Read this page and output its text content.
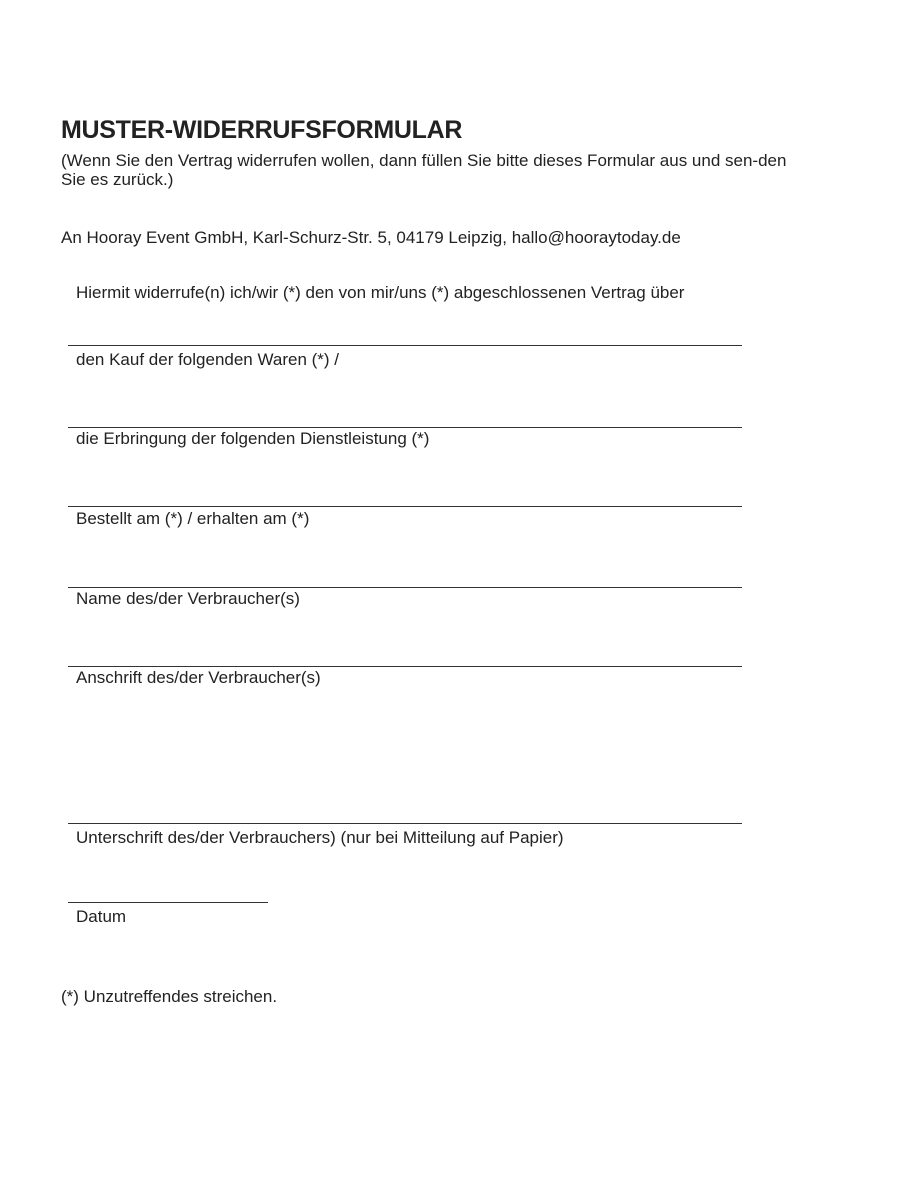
MUSTER-WIDERRUFSFORMULAR
(Wenn Sie den Vertrag widerrufen wollen, dann füllen Sie bitte dieses Formular aus und sen-den Sie es zurück.)
An Hooray Event GmbH, Karl-Schurz-Str. 5, 04179 Leipzig, hallo@hooraytoday.de
Hiermit widerrufe(n) ich/wir (*) den von mir/uns (*) abgeschlossenen Vertrag über
den Kauf der folgenden Waren (*) /
die Erbringung der folgenden Dienstleistung (*)
Bestellt am (*) / erhalten am (*)
Name des/der Verbraucher(s)
Anschrift des/der Verbraucher(s)
Unterschrift des/der Verbrauchers) (nur bei Mitteilung auf Papier)
Datum
(*) Unzutreffendes streichen.
